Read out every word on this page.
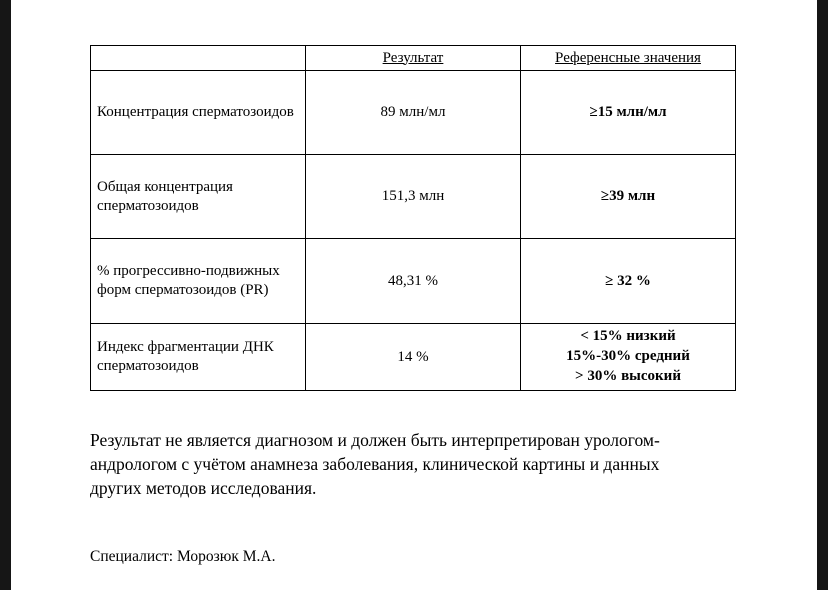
	Результат	Референсные значения
Концентрация сперматозоидов	89 млн/мл	≥15 млн/мл
Общая концентрация сперматозоидов	151,3 млн	≥39 млн
% прогрессивно-подвижных форм сперматозоидов (PR)	48,31 %	≥ 32 %
Индекс фрагментации ДНК сперматозоидов	14 %	< 15% низкий
15%-30% средний
> 30% высокий

Результат не является диагнозом и должен быть интерпретирован урологом-андрологом с учётом анамнеза заболевания, клинической картины и данных других методов исследования.

Специалист: Морозюк М.А.
